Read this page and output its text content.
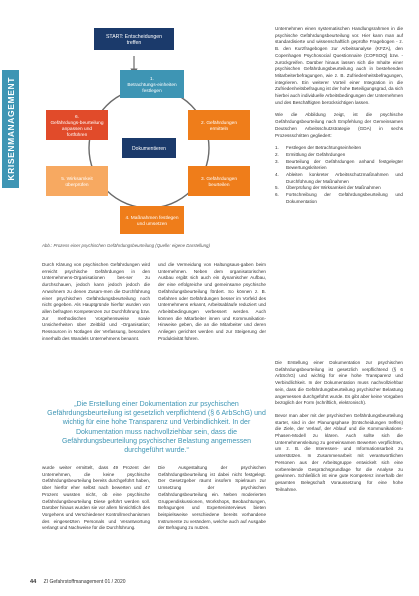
KRISENMANAGEMENT
START: Entscheidungen treffen
1. Betrachtungs-einheiten festlegen
2. Gefährdungen ermitteln
3. Gefährdungen beurteilen
4. Maßnahmen festlegen und umsetzen
5. Wirksamkeit überprüfen
6. Gefährdungs-beurteilung anpassen und fortführen
Dokumentieren
Abb.: Prozess einer psychischen Gefährdungsbeurteilung (Quelle: eigene Darstellung)

Durch Klärung von psychischen Gefährdungen wird erreicht psychische Gefährdungen in den Unternehmens-Organisationen bes-ser zu durchschauen, jedoch kann jedoch jedoch die Anwohnern zu denen Zusam-men die Durchführung einer psychischen Gefährdungsbeurteilung noch nicht gegeben. Als Hauptgründe hierfür wurden von allen befragten Kompetenzen zur Durchführung bzw. zur methodischen Vorgehensweise sowie Unsicherheiten über Zeitbild und -Organisation; Ressourcen in Notlagen der Verfassung, besonders innerhalb des Wandels Unternehmens benannt.

und die Vermeidung von Haltungsaus-gaben beim Unternehmen. Neben dem organisatorischen Ausbau ergibt sich auch ein dynamischer Aufbau, der eine erfolgreiche und gemeinsame psychische Gefährdungsbeurteilung fördert. So können z. B. Gefahren oder Gefährdungen besser im Vorfeld des Unternehmens erkannt, Arbeitsabläufe reduziert und Arbeitsbedingungen verbessert werden. Auch können die Mitarbeiter innen und Kommunikation-Hinweise geben, die an die Mitarbeiter und deren Anliegen gerichtet werden und zur Steigerung der Produktivität führen.

Unternehmen einen systematischen Handlungsrahmen in die psychische Gefährdungsbeurteilung vor. Hier kann man auf standardisierte und wissenschaftlich geprüfte Fragebogen - z. B. den Kurzfragebogen zur Arbeitsanalyse (KFZA), den Copenhagen Psychosocial Questionnaire (COPSOQ) bzw. - zurückgreifen. Darüber hinaus lassen sich die Inhalte einer psychischen Gefährdungsbeurteilung auch in bestehenden Mitarbeiterbefragungen, wie z. B. Zufriedenheitsbefragungen, integrieren. Ein weiterer Vorteil einer Integration in die Zufriedenheitsbefragung ist der hohe Beteiligungsgrad, da sich hierbei auch individuelle Arbeitsbedingungen der Unternehmen und des Beschäftigten berücksichtigen lassen.

Wie die Abbildung zeigt, ist die psychische Gefährdungsbeurteilung nach Empfehlung der Gemeinsamen Deutschen Arbeitsschutzstrategie (GDA) in sechs Prozessschritten gegliedert:

1.	Festlegen der Betrachtungseinheiten
2.	Ermittlung der Gefährdungen
3.	Beurteilung der Gefährdungen anhand festgelegter Bewertungskriterien
4.	Ableiten konkreter Arbeitsschutzmaßnahmen und Durchführung der Maßnahmen
5.	Überprüfung der Wirksamkeit der Maßnahmen
6.	Fortschreibung der Gefährdungsbeurteilung und Dokumentation
„Die Erstellung einer Dokumentation zur psychischen Gefährdungsbeurteilung ist gesetzlich verpflichtend (§ 6 ArbSchG) und wichtig für eine hohe Transparenz und Verbindlichkeit. In der Dokumentation muss nachvollziehbar sein, dass die Gefährdungsbeurteilung psychischer Belastung angemessen durchgeführt wurde.“

wurde weiter ermittelt, dass 49 Prozent der Unternehmen, die keine psychische Gefährdungsbeurteilung bereits durchgeführt haben, über hierfür eher selbst nach bewerten und 47 Prozent wussten nicht, ob eine psychische Gefährdungsbeurteilung Diese geführt werden soll. Darüber hinaus wurden sie vor allem hinsichtlich des Vorgehens und Verschiedener Kontrollmechanismen des eingesetzten Personals und Verantwortung verlangt und Nachweise für die Durchführung.

Die Ausgestaltung der psychischen Gefährdungsbeurteilung ist dabei nicht festgelegt. Der Gesetzgeber räumt insofern Spielraum zur Umsetzung der psychischen Gefährdungsbeurteilung ein. Neben moderierten Gruppendiskussionen, Workshops, Beobachtungen, Befragungen und Experteninterviews bieten beispielsweise verschiedene bereits vorhandene Instrumente zu verändern, welche auch auf Ausgabe der Befragung zu nutzen.

Die Erstellung einer Dokumentation zur psychischen Gefährdungsbeurteilung ist gesetzlich verpflichtend (§ 6 ArbSchG) und wichtig für eine hohe Transparenz und Verbindlichkeit. In der Dokumentation muss nachvollziehbar sein, dass die Gefährdungsbeurteilung psychischer Belastung angemessen durchgeführt wurde. Es gibt aber keine Vorgaben bezüglich der Form (schriftlich, elektronisch).

Bevor man aber mit der psychischen Gefährdungsbeurteilung startet, sind in der Planungsphase (Entscheidungen treffen) die Ziele, der Verlauf, der Ablauf und die Kommunikations-Phasen-Modell zu klären. Auch sollte sich die Unternehmensleitung zu gemeinsamen Bewerten verpflichten, um z. B. die Interessen- und Informationsarbeit zu unterstützen. In Zusammenarbeit mit verantwortlichen Personen aus der Arbeitsgruppe entwickelt sich eine vorbereitende Gesprächsgrundlage für die Analyse zu gewinnen. Schließlich ist eine gute Kompetenz innerhalb der gesamten Belegschaft Voraussetzung für eine hohe Teilnahme.

44 ZI Gefahrstoffmanagement 01 / 2020
